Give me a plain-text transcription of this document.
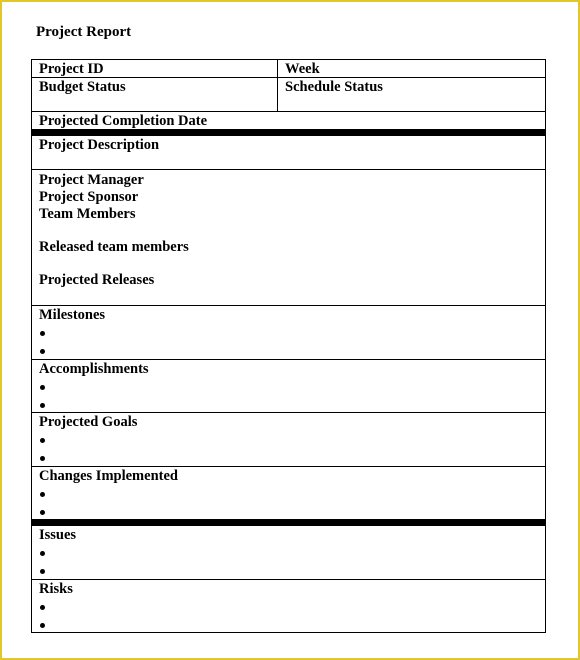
Project Report
Project ID	Week
Budget Status	Schedule Status
Projected Completion Date
Project Description
Project Manager
Project Sponsor
Team Members
Released team members
Projected Releases
Milestones
Accomplishments
Projected Goals
Changes Implemented
Issues
Risks
